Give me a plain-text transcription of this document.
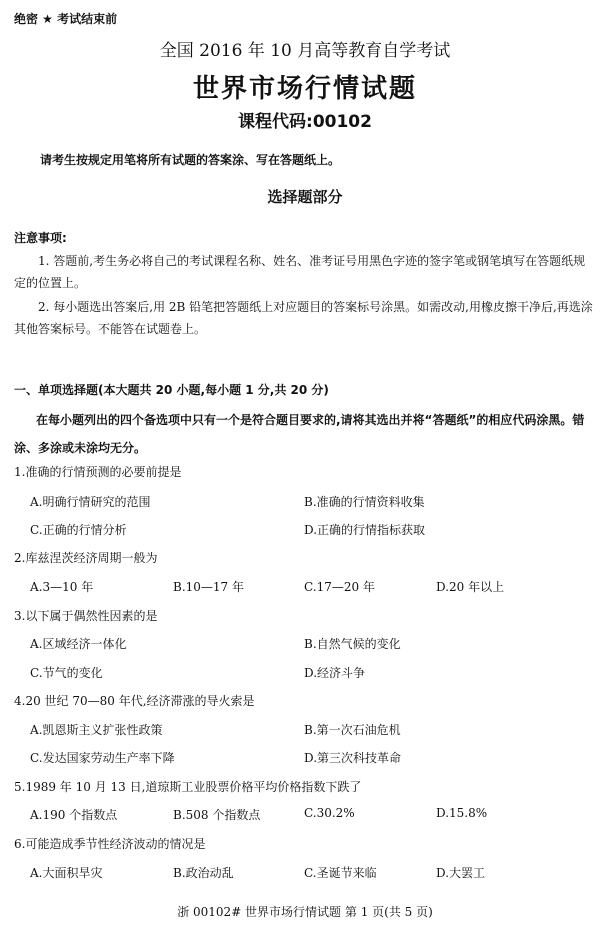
绝密 ★ 考试结束前
全国 2016 年 10 月高等教育自学考试
世界市场行情试题
课程代码:00102
请考生按规定用笔将所有试题的答案涂、写在答题纸上。
选择题部分
注意事项:
1. 答题前,考生务必将自己的考试课程名称、姓名、准考证号用黑色字迹的签字笔或钢笔填写在答题纸规定的位置上。
2. 每小题选出答案后,用 2B 铅笔把答题纸上对应题目的答案标号涂黑。如需改动,用橡皮擦干净后,再选涂其他答案标号。不能答在试题卷上。
一、单项选择题(本大题共 20 小题,每小题 1 分,共 20 分)
在每小题列出的四个备选项中只有一个是符合题目要求的,请将其选出并将“答题纸”的相应代码涂黑。错涂、多涂或未涂均无分。
1.准确的行情预测的必要前提是
A.明确行情研究的范围	B.准确的行情资料收集
C.正确的行情分析	D.正确的行情指标获取
2.库兹涅茨经济周期一般为
A.3—10 年	B.10—17 年	C.17—20 年	D.20 年以上
3.以下属于偶然性因素的是
A.区域经济一体化	B.自然气候的变化
C.节气的变化	D.经济斗争
4.20 世纪 70—80 年代,经济滞涨的导火索是
A.凯恩斯主义扩张性政策	B.第一次石油危机
C.发达国家劳动生产率下降	D.第三次科技革命
5.1989 年 10 月 13 日,道琼斯工业股票价格平均价格指数下跌了
A.190 个指数点	B.508 个指数点	C.30.2%	D.15.8%
6.可能造成季节性经济波动的情况是
A.大面积旱灾	B.政治动乱	C.圣诞节来临	D.大罢工
浙 00102# 世界市场行情试题 第 1 页(共 5 页)
